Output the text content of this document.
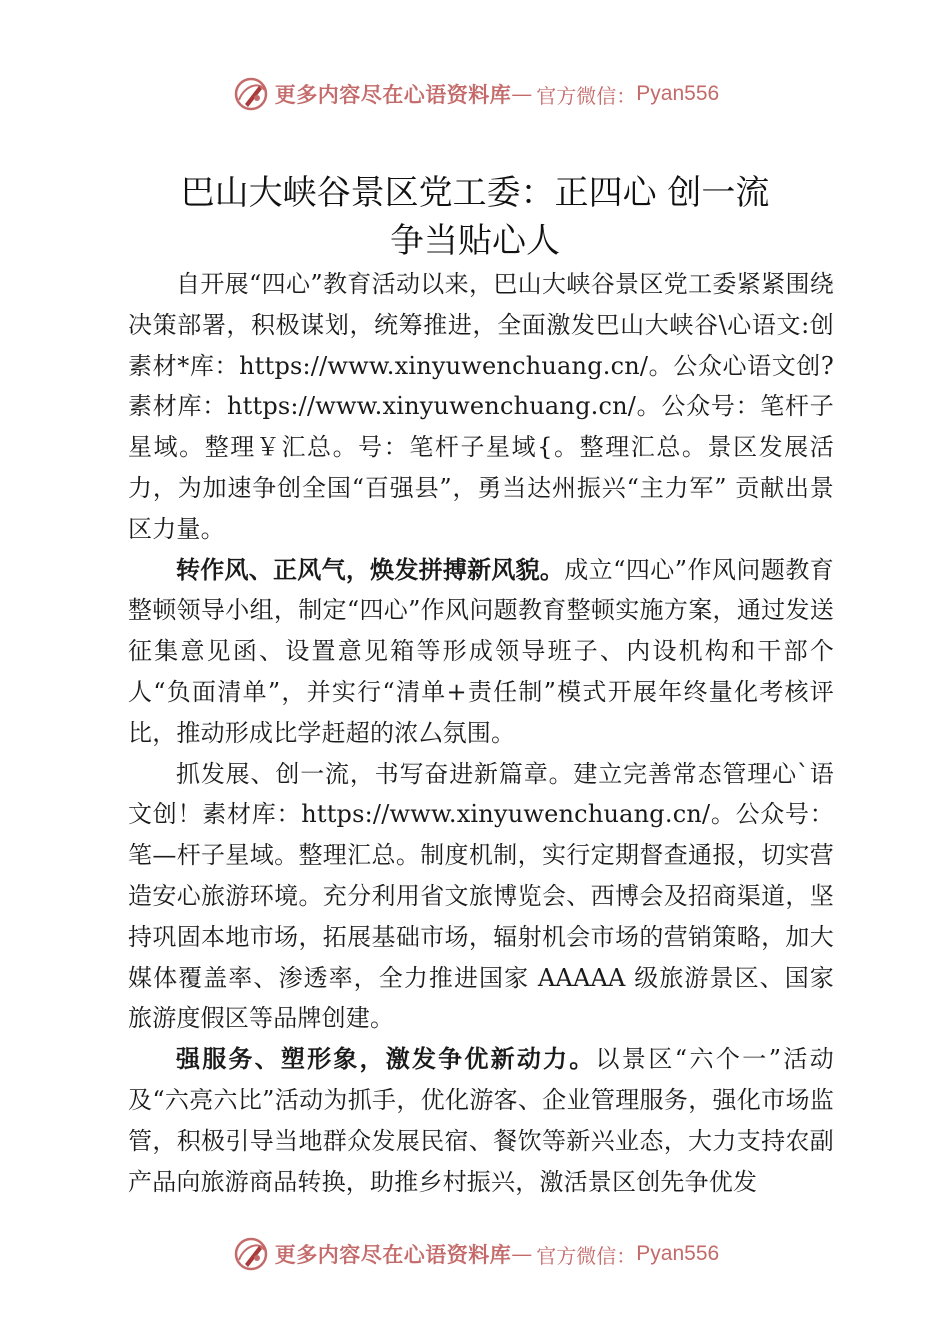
更多内容尽在心语资料库 — 官方微信： Pyan556
巴山大峡谷景区党工委：正四心 创一流
争当贴心人

自开展“四心”教育活动以来，巴山大峡谷景区党工委紧紧围绕决策部署，积极谋划，统筹推进，全面激发巴山大峡谷\心语文:创素材*库：https://www.xinyuwenchuang.cn/。公众心语文创?素材库：https://www.xinyuwenchuang.cn/。公众号：笔杆子星域。整理￥汇总。号：笔杆子星域{。整理汇总。景区发展活力，为加速争创全国“百强县”，勇当达州振兴“主力军” 贡献出景区力量。

转作风、正风气，焕发拼搏新风貌。成立“四心”作风问题教育整顿领导小组，制定“四心”作风问题教育整顿实施方案，通过发送征集意见函、设置意见箱等形成领导班子、内设机构和干部个人“负面清单”，并实行“清单+责任制”模式开展年终量化考核评比，推动形成比学赶超的浓⼛氛围。

抓发展、创一流，书写奋进新篇章。建立完善常态管理心`语文创！素材库：https://www.xinyuwenchuang.cn/。公众号：笔—杆子星域。整理汇总。制度机制，实行定期督查通报，切实营造安心旅游环境。充分利用省文旅博览会、西博会及招商渠道，坚持巩固本地市场，拓展基础市场，辐射机会市场的营销策略，加大媒体覆盖率、渗透率，全力推进国家 AAAAA 级旅游景区、国家旅游度假区等品牌创建。

强服务、塑形象，激发争优新动力。以景区“六个一”活动及“六亮六比”活动为抓手，优化游客、企业管理服务，强化市场监管，积极引导当地群众发展民宿、餐饮等新兴业态，大力支持农副产品向旅游商品转换，助推乡村振兴，激活景区创先争优发

更多内容尽在心语资料库 — 官方微信： Pyan556
